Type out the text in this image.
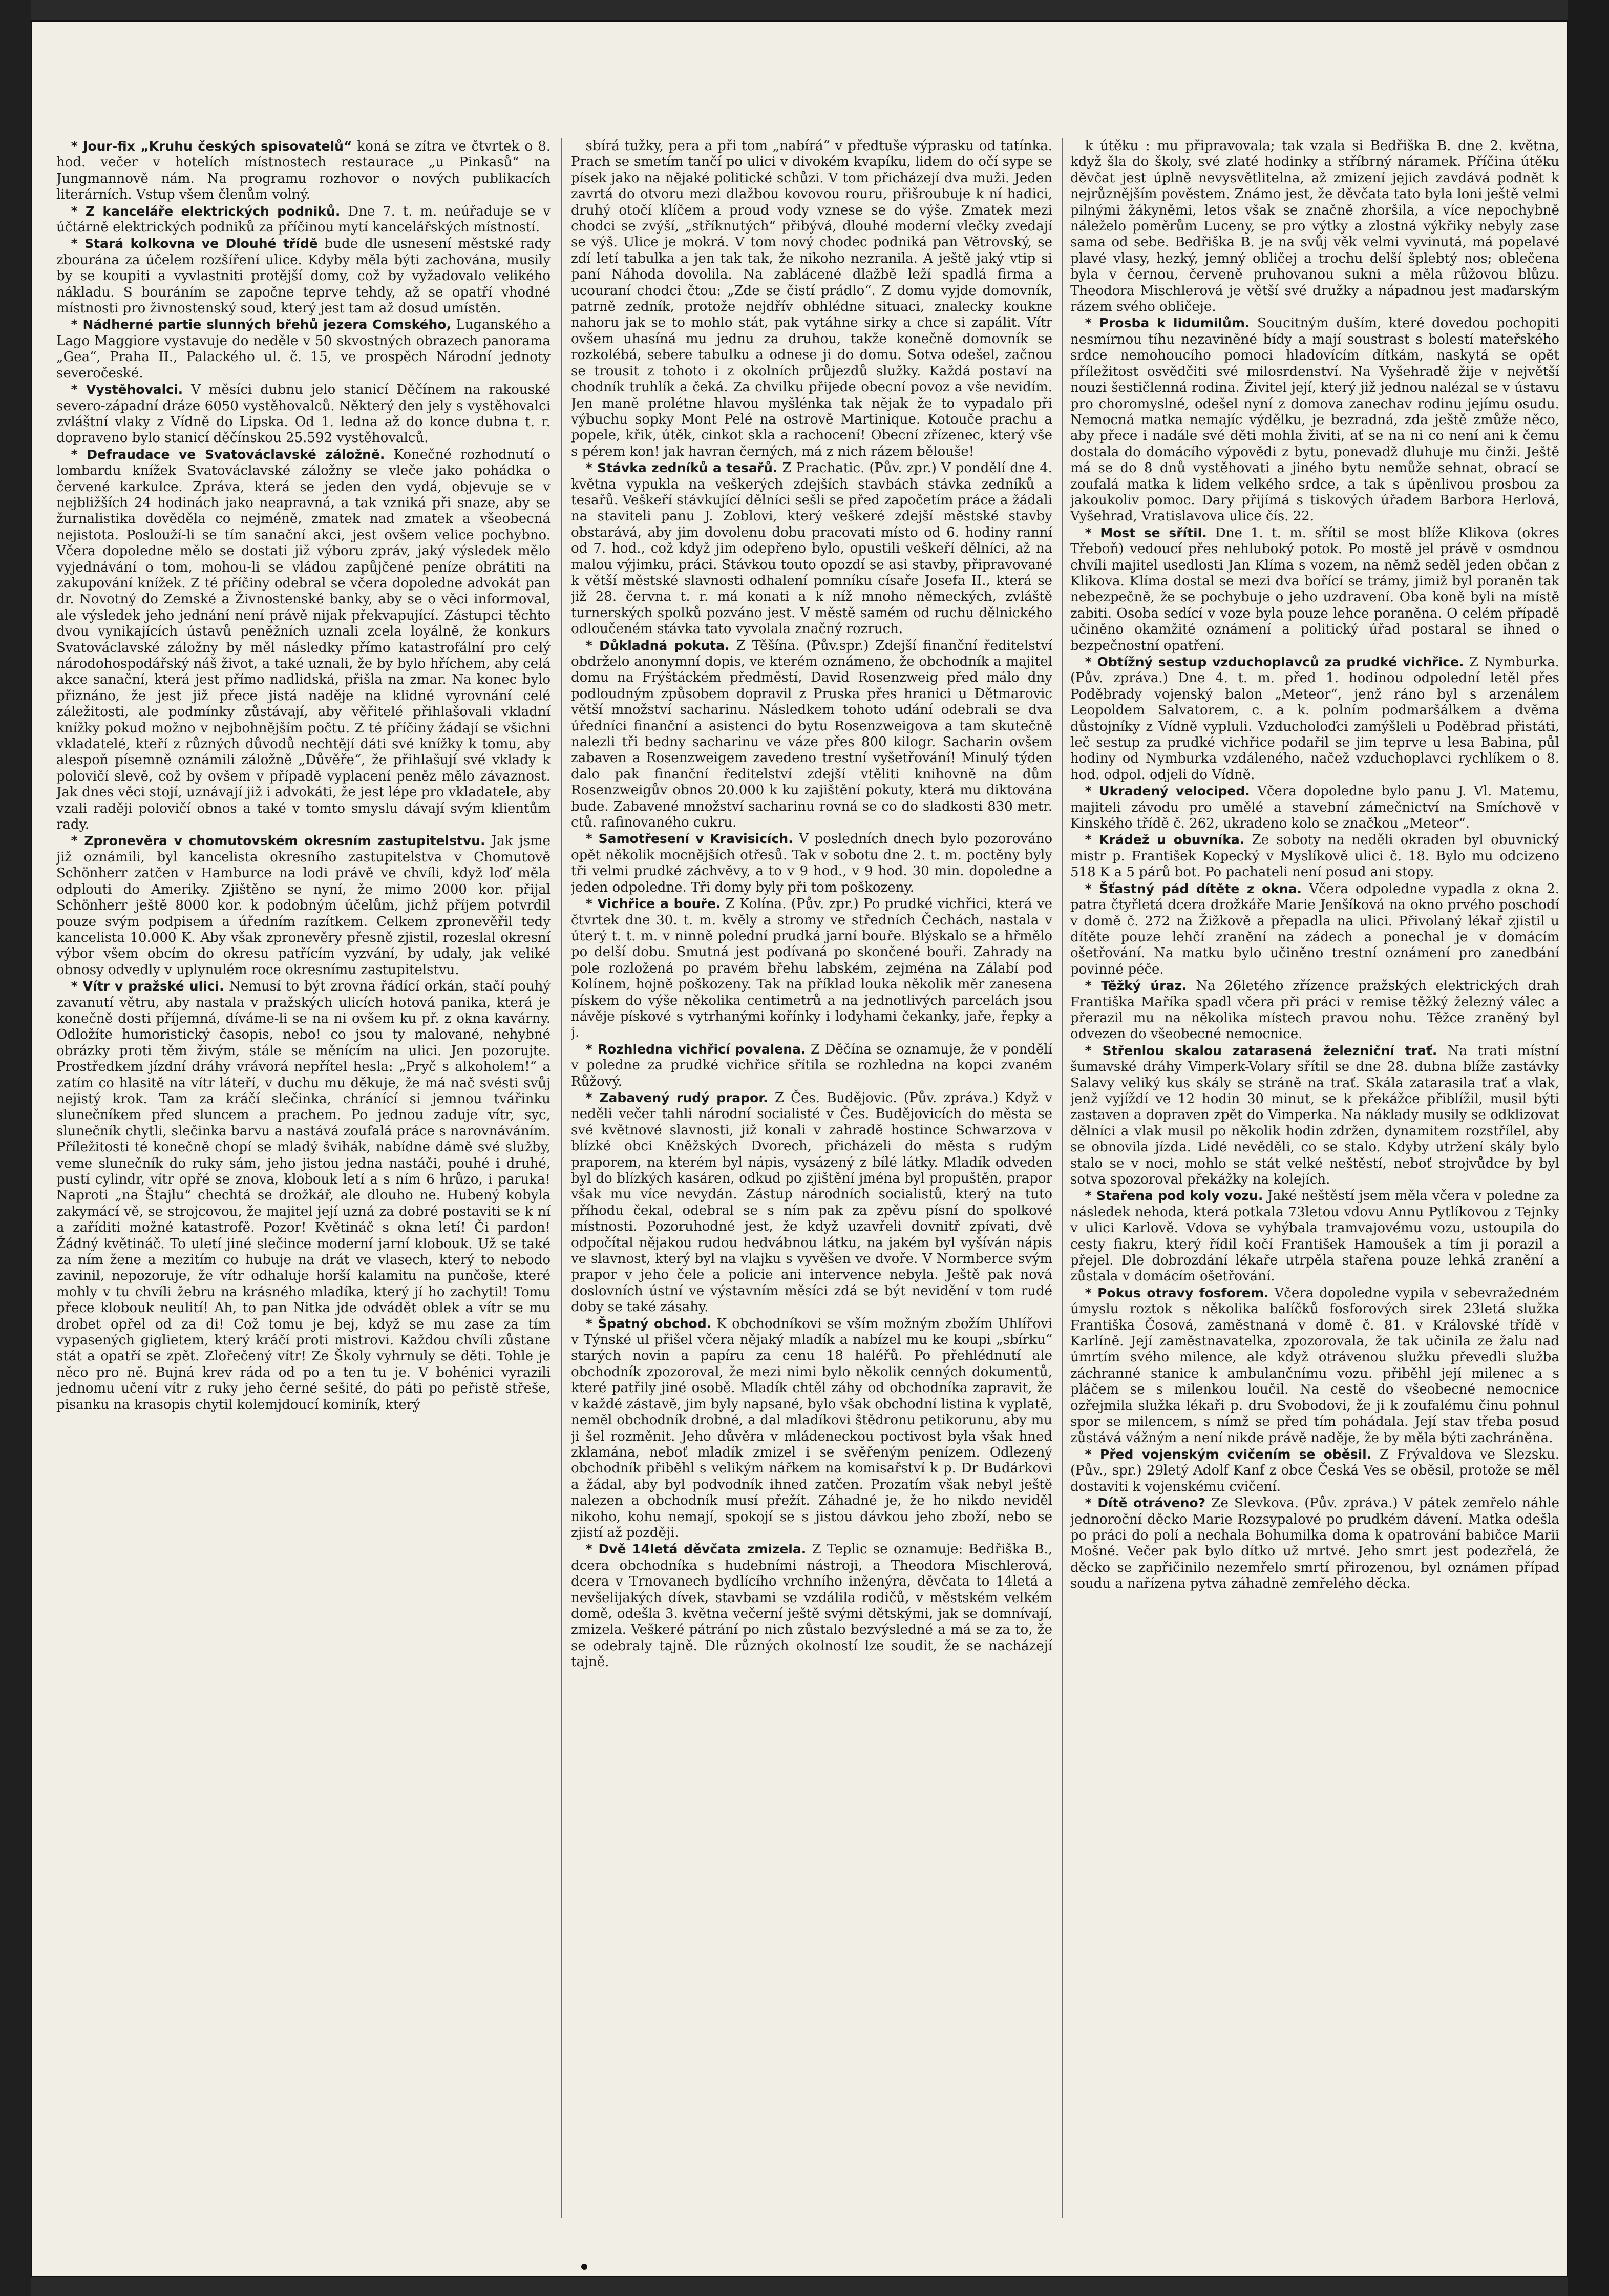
* Jour-fix „Kruhu českých spisovatelů“ koná se zítra ve čtvrtek o 8. hod. večer v hotelích místnostech restaurace „u Pinkasů“ na Jungmannově nám. Na programu rozhovor o nových publikacích literárních. Vstup všem členům volný.

* Z kanceláře elektrických podniků. Dne 7. t. m. neúřaduje se v účtárně elektrických podniků za příčinou mytí kancelářských místností.

* Stará kolkovna ve Dlouhé třídě bude dle usnesení městské rady zbourána za účelem rozšíření ulice. Kdyby měla býti zachována, musily by se koupiti a vyvlastniti protější domy, což by vyžadovalo velikého nákladu. S bouráním se započne teprve tehdy, až se opatří vhodné místnosti pro živnostenský soud, který jest tam až dosud umístěn.

* Nádherné partie slunných břehů jezera Comského, Luganského a Lago Maggiore vystavuje do neděle v 50 skvostných obrazech panorama „Gea“, Praha II., Palackého ul. č. 15, ve prospěch Národní jednoty severočeské.

* Vystěhovalci. V měsíci dubnu jelo stanicí Děčínem na rakouské severo-západní dráze 6050 vystěhovalců. Některý den jely s vystěhovalci zvláštní vlaky z Vídně do Lipska. Od 1. ledna až do konce dubna t. r. dopraveno bylo stanicí děčínskou 25.592 vystěhovalců.

* Defraudace ve Svatováclavské záložně. Konečné rozhodnutí o lombardu knížek Svatováclavské záložny se vleče jako pohádka o červené karkulce. Zpráva, která se jeden den vydá, objevuje se v nejbližších 24 hodinách jako neapravná, a tak vzniká při snaze, aby se žurnalistika dověděla co nejméně, zmatek nad zmatek a všeobecná nejistota. Poslouží-li se tím sanační akci, jest ovšem velice pochybno. Včera dopoledne mělo se dostati již výboru zpráv, jaký výsledek mělo vyjednávání o tom, mohou-li se vládou zapůjčené peníze obrátiti na zakupování knížek. Z té příčiny odebral se včera dopoledne advokát pan dr. Novotný do Zemské a Živnostenské banky, aby se o věci informoval, ale výsledek jeho jednání není právě nijak překvapující. Zástupci těchto dvou vynikajících ústavů peněžních uznali zcela loyálně, že konkurs Svatováclavské záložny by měl následky přímo katastrofální pro celý národohospodářský náš život, a také uznali, že by bylo hříchem, aby celá akce sanační, která jest přímo nadlidská, přišla na zmar. Na konec bylo přiznáno, že jest již přece jistá naděje na klidné vyrovnání celé záležitosti, ale podmínky zůstávají, aby věřitelé přihlašovali vkladní knížky pokud možno v nejbohnějším počtu. Z té příčiny žádají se všichni vkladatelé, kteří z různých důvodů nechtějí dáti své knížky k tomu, aby alespoň písemně oznámili záložně „Důvěře“, že přihlašují své vklady k polovičí slevě, což by ovšem v případě vyplacení peněz mělo závaznost. Jak dnes věci stojí, uznávají již i advokáti, že jest lépe pro vkladatele, aby vzali raději polovičí obnos a také v tomto smyslu dávají svým klientům rady.

* Zpronevěra v chomutovském okresním zastupitelstvu. Jak jsme již oznámili, byl kancelista okresního zastupitelstva v Chomutově Schönherr zatčen v Hamburce na lodi právě ve chvíli, když loď měla odplouti do Ameriky. Zjištěno se nyní, že mimo 2000 kor. přijal Schönherr ještě 8000 kor. k podobným účelům, jichž příjem potvrdil pouze svým podpisem a úředním razítkem. Celkem zpronevěřil tedy kancelista 10.000 K. Aby však zpronevěry přesně zjistil, rozeslal okresní výbor všem obcím do okresu patřícím vyzvání, by udaly, jak veliké obnosy odvedly v uplynulém roce okresnímu zastupitelstvu.

* Vítr v pražské ulici. Nemusí to být zrovna řádící orkán, stačí pouhý zavanutí větru, aby nastala v pražských ulicích hotová panika, která je konečně dosti příjemná, díváme-li se na ni ovšem ku př. z okna kavárny. Odložíte humoristický časopis, nebo! co jsou ty malované, nehybné obrázky proti těm živým, stále se měnícím na ulici. Jen pozorujte. Prostředkem jízdní dráhy vrávorá nepřítel hesla: „Pryč s alkoholem!“ a zatím co hlasitě na vítr láteří, v duchu mu děkuje, že má nač svésti svůj nejistý krok. Tam za kráčí slečinka, chránící si jemnou tvářinku slunečníkem před sluncem a prachem. Po jednou zaduje vítr, syc, slunečník chytli, slečinka barvu a nastává zoufalá práce s narovnáváním. Příležitosti té konečně chopí se mladý švihák, nabídne dámě své služby, veme slunečník do ruky sám, jeho jistou jedna nastáči, pouhé i druhé, pustí cylindr, vítr opřé se znova, klobouk letí a s ním 6 hrůzo, i paruka! Naproti „na Štajlu“ chechtá se drožkář, ale dlouho ne. Hubený kobyla zakymácí vě, se strojcovou, že majitel její uzná za dobré postaviti se k ní a zaříditi možné katastrofě. Pozor! Květináč s okna letí! Či pardon! Žádný květináč. To uletí jiné slečince moderní jarní klobouk. Už se také za ním žene a mezitím co hubuje na drát ve vlasech, který to nebodo zavinil, nepozoruje, že vítr odhaluje horší kalamitu na punčoše, které mohly v tu chvíli žebru na krásného mladíka, který jí ho zachytil! Tomu přece klobouk neulití! Ah, to pan Nitka jde odvádět oblek a vítr se mu drobet opřel od za di! Což tomu je bej, když se mu zase za tím vypasených giglietem, který kráčí proti mistrovi. Každou chvíli zůstane stát a opatří se zpět. Zlořečený vítr! Ze Školy vyhrnuly se děti. Tohle je něco pro ně. Bujná krev ráda od po a ten tu je. V bohénici vyrazili jednomu učení vítr z ruky jeho černé sešité, do páti po peřistě střeše, pisanku na krasopis chytil kolemjdoucí kominík, který

sbírá tužky, pera a při tom „nabírá“ v předtuše výprasku od tatínka. Prach se smetím tančí po ulici v divokém kvapíku, lidem do očí sype se písek jako na nějaké politické schůzi. V tom přicházejí dva muži. Jeden zavrtá do otvoru mezi dlažbou kovovou rouru, přišroubuje k ní hadici, druhý otočí klíčem a proud vody vznese se do výše. Zmatek mezi chodci se zvýší, „stříknutých“ přibývá, dlouhé moderní vlečky zvedají se výš. Ulice je mokrá. V tom nový chodec podniká pan Větrovský, se zdí letí tabulka a jen tak tak, že nikoho nezranila. A ještě jaký vtip si paní Náhoda dovolila. Na zablácené dlažbě leží spadlá firma a ucouraní chodci čtou: „Zde se čistí prádlo“. Z domu vyjde domovník, patrně zedník, protože nejdřív obhlédne situaci, znalecky koukne nahoru jak se to mohlo stát, pak vytáhne sirky a chce si zapálit. Vítr ovšem uhasíná mu jednu za druhou, takže konečně domovník se rozkolébá, sebere tabulku a odnese ji do domu. Sotva odešel, začnou se trousit z tohoto i z okolních průjezdů služky. Každá postaví na chodník truhlík a čeká. Za chvilku přijede obecní povoz a vše nevidím. Jen maně prolétne hlavou myšlénka tak nějak že to vypadalo při výbuchu sopky Mont Pelé na ostrově Martinique. Kotouče prachu a popele, křik, útěk, cinkot skla a rachocení! Obecní zřízenec, který vše s pérem kon! jak havran černých, má z nich rázem bělouše!

* Stávka zedníků a tesařů. Z Prachatic. (Pův. zpr.) V pondělí dne 4. května vypukla na veškerých zdejších stavbách stávka zedníků a tesařů. Veškeří stávkující dělníci sešli se před započetím práce a žádali na staviteli panu J. Zoblovi, který veškeré zdejší městské stavby obstarává, aby jim dovolenu dobu pracovati místo od 6. hodiny ranní od 7. hod., což když jim odepřeno bylo, opustili veškeří dělníci, až na malou výjimku, práci. Stávkou touto opozdí se asi stavby, připravované k větší městské slavnosti odhalení pomníku císaře Josefa II., která se již 28. června t. r. má konati a k níž mnoho německých, zvláště turnerských spolků pozváno jest. V městě samém od ruchu dělnického odloučeném stávka tato vyvolala značný rozruch.

* Důkladná pokuta. Z Těšína. (Pův.spr.) Zdejší finanční ředitelství obdrželo anonymní dopis, ve kterém oznámeno, že obchodník a majitel domu na Frýštáckém předměstí, David Rosenzweig před málo dny podloudným způsobem dopravil z Pruska přes hranici u Dětmarovic větší množství sacharinu. Následkem tohoto udání odebrali se dva úředníci finanční a asistenci do bytu Rosenzweigova a tam skutečně nalezli tři bedny sacharinu ve váze přes 800 kilogr. Sacharin ovšem zabaven a Rosenzweigem zavedeno trestní vyšetřování! Minulý týden dalo pak finanční ředitelství zdejší vtěliti knihovně na dům Rosenzweigův obnos 20.000 k ku zajištění pokuty, která mu diktována bude. Zabavené množství sacharinu rovná se co do sladkosti 830 metr. ctů. rafinovaného cukru.

* Samotřesení v Kravisicích. V posledních dnech bylo pozorováno opět několik mocnějších otřesů. Tak v sobotu dne 2. t. m. poctěny byly tři velmi prudké záchvěvy, a to v 9 hod., v 9 hod. 30 min. dopoledne a jeden odpoledne. Tři domy byly při tom poškozeny.

* Vichřice a bouře. Z Kolína. (Pův. zpr.) Po prudké vichřici, která ve čtvrtek dne 30. t. m. kvěly a stromy ve středních Čechách, nastala v úterý t. t. m. v ninně polední prudká jarní bouře. Blýskalo se a hřmělo po delší dobu. Smutná jest podívaná po skončené bouři. Zahrady na pole rozložená po pravém břehu labském, zejména na Zálabí pod Kolínem, hojně poškozeny. Tak na příklad louka několik měr zanesena pískem do výše několika centimetrů a na jednotlivých parcelách jsou návěje pískové s vytrhanými kořínky i lodyhami čekanky, jaře, řepky a j.

* Rozhledna vichřicí povalena. Z Děčína se oznamuje, že v pondělí v poledne za prudké vichřice sřítila se rozhledna na kopci zvaném Růžový.

* Zabavený rudý prapor. Z Čes. Budějovic. (Pův. zpráva.) Když v neděli večer tahli národní socialisté v Čes. Budějovicích do města se své květnové slavnosti, již konali v zahradě hostince Schwarzova v blízké obci Kněžských Dvorech, přicházeli do města s rudým praporem, na kterém byl nápis, vysázený z bílé látky. Mladík odveden byl do blízkých kasáren, odkud po zjištění jména byl propuštěn, prapor však mu více nevydán. Zástup národních socialistů, který na tuto příhodu čekal, odebral se s ním pak za zpěvu písní do spolkové místnosti. Pozoruhodné jest, že když uzavřeli dovnitř zpívati, dvě odpočítal nějakou rudou hedvábnou látku, na jakém byl vyšíván nápis ve slavnost, který byl na vlajku s vyvěšen ve dvoře. V Normberce svým prapor v jeho čele a policie ani intervence nebyla. Ještě pak nová doslovních ústní ve výstavním měsíci zdá se být nevidění v tom rudé doby se také zásahy.

* Špatný obchod. K obchodníkovi se vším možným zbožím Uhlířovi v Týnské ul přišel včera nějaký mladík a nabízel mu ke koupi „sbírku“ starých novin a papíru za cenu 18 haléřů. Po přehlédnutí ale obchodník zpozoroval, že mezi nimi bylo několik cenných dokumentů, které patřily jiné osobě. Mladík chtěl záhy od obchodníka zapravit, že v každé zástavě, jim byly napsané, bylo však obchodní listina k vyplatě, neměl obchodník drobné, a dal mladíkovi štědronu petikorunu, aby mu ji šel rozměnit. Jeho důvěra v mládeneckou poctivost byla však hned zklamána, neboť mladík zmizel i se svěřeným penízem. Odlezený obchodník přiběhl s velikým nářkem na komisařství k p. Dr Budárkovi a žádal, aby byl podvodník ihned zatčen. Prozatím však nebyl ještě nalezen a obchodník musí přežít. Záhadné je, že ho nikdo neviděl nikoho, kohu nemají, spokojí se s jistou dávkou jeho zboží, nebo se zjistí až později.

* Dvě 14letá děvčata zmizela. Z Teplic se oznamuje: Bedřiška B., dcera obchodníka s hudebními nástroji, a Theodora Mischlerová, dcera v Trnovanech bydlícího vrchního inženýra, děvčata to 14letá a nevšelijakých dívek, stavbami se vzdálila rodičů, v městském velkém domě, odešla 3. května večerní ještě svými dětskými, jak se domnívají, zmizela. Veškeré pátrání po nich zůstalo bezvýsledné a má se za to, že se odebraly tajně. Dle různých okolností lze soudit, že se nacházejí tajně.

k útěku : mu připravovala; tak vzala si Bedřiška B. dne 2. května, když šla do školy, své zlaté hodinky a stříbrný náramek. Příčina útěku děvčat jest úplně nevysvětlitelna, až zmizení jejich zavdává podnět k nejrůznějším pověstem. Známo jest, že děvčata tato byla loni ještě velmi pilnými žákyněmi, letos však se značně zhoršila, a více nepochybně náleželo poměrům Luceny, se pro výtky a zlostná výkřiky nebyly zase sama od sebe. Bedřiška B. je na svůj věk velmi vyvinutá, má popelavé plavé vlasy, hezký, jemný obličej a trochu delší šplebtý nos; oblečena byla v černou, červeně pruhovanou sukni a měla růžovou blůzu. Theodora Mischlerová je větší své družky a nápadnou jest maďarským rázem svého obličeje.

* Prosba k lidumilům. Soucitným duším, které dovedou pochopiti nesmírnou tíhu nezaviněné bídy a mají soustrast s bolestí mateřského srdce nemohoucího pomoci hladovícím dítkám, naskytá se opět příležitost osvědčiti své milosrdenství. Na Vyšehradě žije v největší nouzi šestičlenná rodina. Živitel její, který již jednou nalézal se v ústavu pro choromyslné, odešel nyní z domova zanechav rodinu jejímu osudu. Nemocná matka nemajíc výdělku, je bezradná, zda ještě zmůže něco, aby přece i nadále své děti mohla živiti, ať se na ni co není ani k čemu dostala do domácího výpovědi z bytu, ponevadž dluhuje mu činži. Ještě má se do 8 dnů vystěhovati a jiného bytu nemůže sehnat, obrací se zoufalá matka k lidem velkého srdce, a tak s úpěnlivou prosbou za jakoukoliv pomoc. Dary přijímá s tiskových úřadem Barbora Herlová, Vyšehrad, Vratislavova ulice čís. 22.

* Most se sřítil. Dne 1. t. m. sřítil se most blíže Klikova (okres Třeboň) vedoucí přes nehluboký potok. Po mostě jel právě v osmdnou chvíli majitel usedlosti Jan Klíma s vozem, na němž seděl jeden občan z Klikova. Klíma dostal se mezi dva bořící se trámy, jimiž byl poraněn tak nebezpečně, že se pochybuje o jeho uzdravení. Oba koně byli na místě zabiti. Osoba sedící v voze byla pouze lehce poraněna. O celém případě učiněno okamžité oznámení a politický úřad postaral se ihned o bezpečnostní opatření.

* Obtížný sestup vzduchoplavců za prudké vichřice. Z Nymburka. (Pův. zpráva.) Dne 4. t. m. před 1. hodinou odpolední letěl přes Poděbrady vojenský balon „Meteor“, jenž ráno byl s arzenálem Leopoldem Salvatorem, c. a k. polním podmaršálkem a dvěma důstojníky z Vídně vypluli. Vzducholoďci zamýšleli u Poděbrad přistáti, leč sestup za prudké vichřice podařil se jim teprve u lesa Babina, půl hodiny od Nymburka vzdáleného, načež vzduchoplavci rychlíkem o 8. hod. odpol. odjeli do Vídně.

* Ukradený velociped. Včera dopoledne bylo panu J. Vl. Matemu, majiteli závodu pro umělé a stavební zámečnictví na Smíchově v Kinského třídě č. 262, ukradeno kolo se značkou „Meteor“.

* Krádež u obuvníka. Ze soboty na neděli okraden byl obuvnický mistr p. František Kopecký v Myslíkově ulici č. 18. Bylo mu odcizeno 518 K a 5 párů bot. Po pachateli není posud ani stopy.

* Šťastný pád dítěte z okna. Včera odpoledne vypadla z okna 2. patra čtyřletá dcera drožkáře Marie Jenšíková na okno prvého poschodí v domě č. 272 na Žižkově a přepadla na ulici. Přivolaný lékař zjistil u dítěte pouze lehčí zranění na zádech a ponechal je v domácím ošetřování. Na matku bylo učiněno trestní oznámení pro zanedbání povinné péče.

* Těžký úraz. Na 26letého zřízence pražských elektrických drah Františka Maříka spadl včera při práci v remise těžký železný válec a přerazil mu na několika místech pravou nohu. Těžce zraněný byl odvezen do všeobecné nemocnice.

* Střenlou skalou zatarasená železniční trať. Na trati místní šumavské dráhy Vimperk-Volary sřítil se dne 28. dubna blíže zastávky Salavy veliký kus skály se stráně na trať. Skála zatarasila trať a vlak, jenž vyjíždí ve 12 hodin 30 minut, se k překážce přiblížil, musil býti zastaven a dopraven zpět do Vimperka. Na náklady musily se odklizovat dělníci a vlak musil po několik hodin zdržen, dynamitem rozstřílel, aby se obnovila jízda. Lidé nevěděli, co se stalo. Kdyby utržení skály bylo stalo se v noci, mohlo se stát velké neštěstí, neboť strojvůdce by byl sotva spozoroval překážky na kolejích.

* Stařena pod koly vozu. Jaké neštěstí jsem měla včera v poledne za následek nehoda, která potkala 73letou vdovu Annu Pytlíkovou z Tejnky v ulici Karlově. Vdova se vyhýbala tramvajovému vozu, ustoupila do cesty fiakru, který řídil kočí František Hamoušek a tím ji porazil a přejel. Dle dobrozdání lékaře utrpěla stařena pouze lehká zranění a zůstala v domácím ošetřování.

* Pokus otravy fosforem. Včera dopoledne vypila v sebevražedném úmyslu roztok s několika balíčků fosforových sirek 23letá služka Františka Čosová, zaměstnaná v domě č. 81. v Královské třídě v Karlíně. Její zaměstnavatelka, zpozorovala, že tak učinila ze žalu nad úmrtím svého milence, ale když otrávenou služku převedli služba záchranné stanice k ambulančnímu vozu. přiběhl její milenec a s pláčem se s milenkou loučil. Na cestě do všeobecné nemocnice ozřejmila služka lékaři p. dru Svobodovi, že ji k zoufalému činu pohnul spor se milencem, s nímž se před tím pohádala. Její stav třeba posud zůstává vážným a není nikde právě naděje, že by měla býti zachráněna.

* Před vojenským cvičením se oběsil. Z Frývaldova ve Slezsku. (Pův., spr.) 29letý Adolf Kanf z obce Česká Ves se oběsil, protože se měl dostaviti k vojenskému cvičení.

* Dítě otráveno? Ze Slevkova. (Pův. zpráva.) V pátek zemřelo náhle jednoroční děcko Marie Rozsypalové po prudkém dávení. Matka odešla po práci do polí a nechala Bohumilka doma k opatrování babičce Marii Mošné. Večer pak bylo dítko už mrtvé. Jeho smrt jest podezřelá, že děcko se zapřičinilo nezemřelo smrtí přirozenou, byl oznámen případ soudu a nařízena pytva záhadně zemřelého děcka.
